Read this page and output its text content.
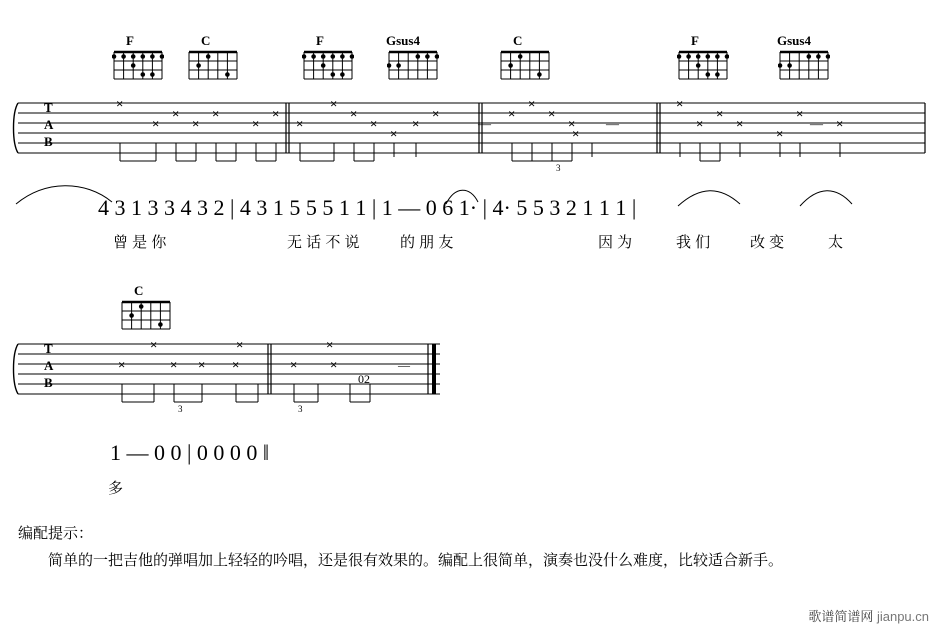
F	C	F	Gsus4	C	F	Gsus4
×
×
×
×
×
×
×
×
×
×
×
×
×
×	×
×
×
×
×
×
×
×
×
×
×
×
3
—	—	—
T
A
B
4 3 1 3 3 4 3 2 | 4 3 1 5 5 5 1 1 | 1 — 0 6 1· | 4· 5 5 3 2 1 1 1 |
曾 是 你	无 话 不 说	的 朋 友	因 为	我 们	改 变	太
C
×
×	× ×
×
×	×
×
×
3	3
02
—
T
A
B
1 — 0 0 | 0 0 0 0 ‖
多
编配提示：
简单的一把吉他的弹唱加上轻轻的吟唱，还是很有效果的。编配上很简单，演奏也没什么难度，比较适合新手。
歌谱简谱网 jianpu.cn
